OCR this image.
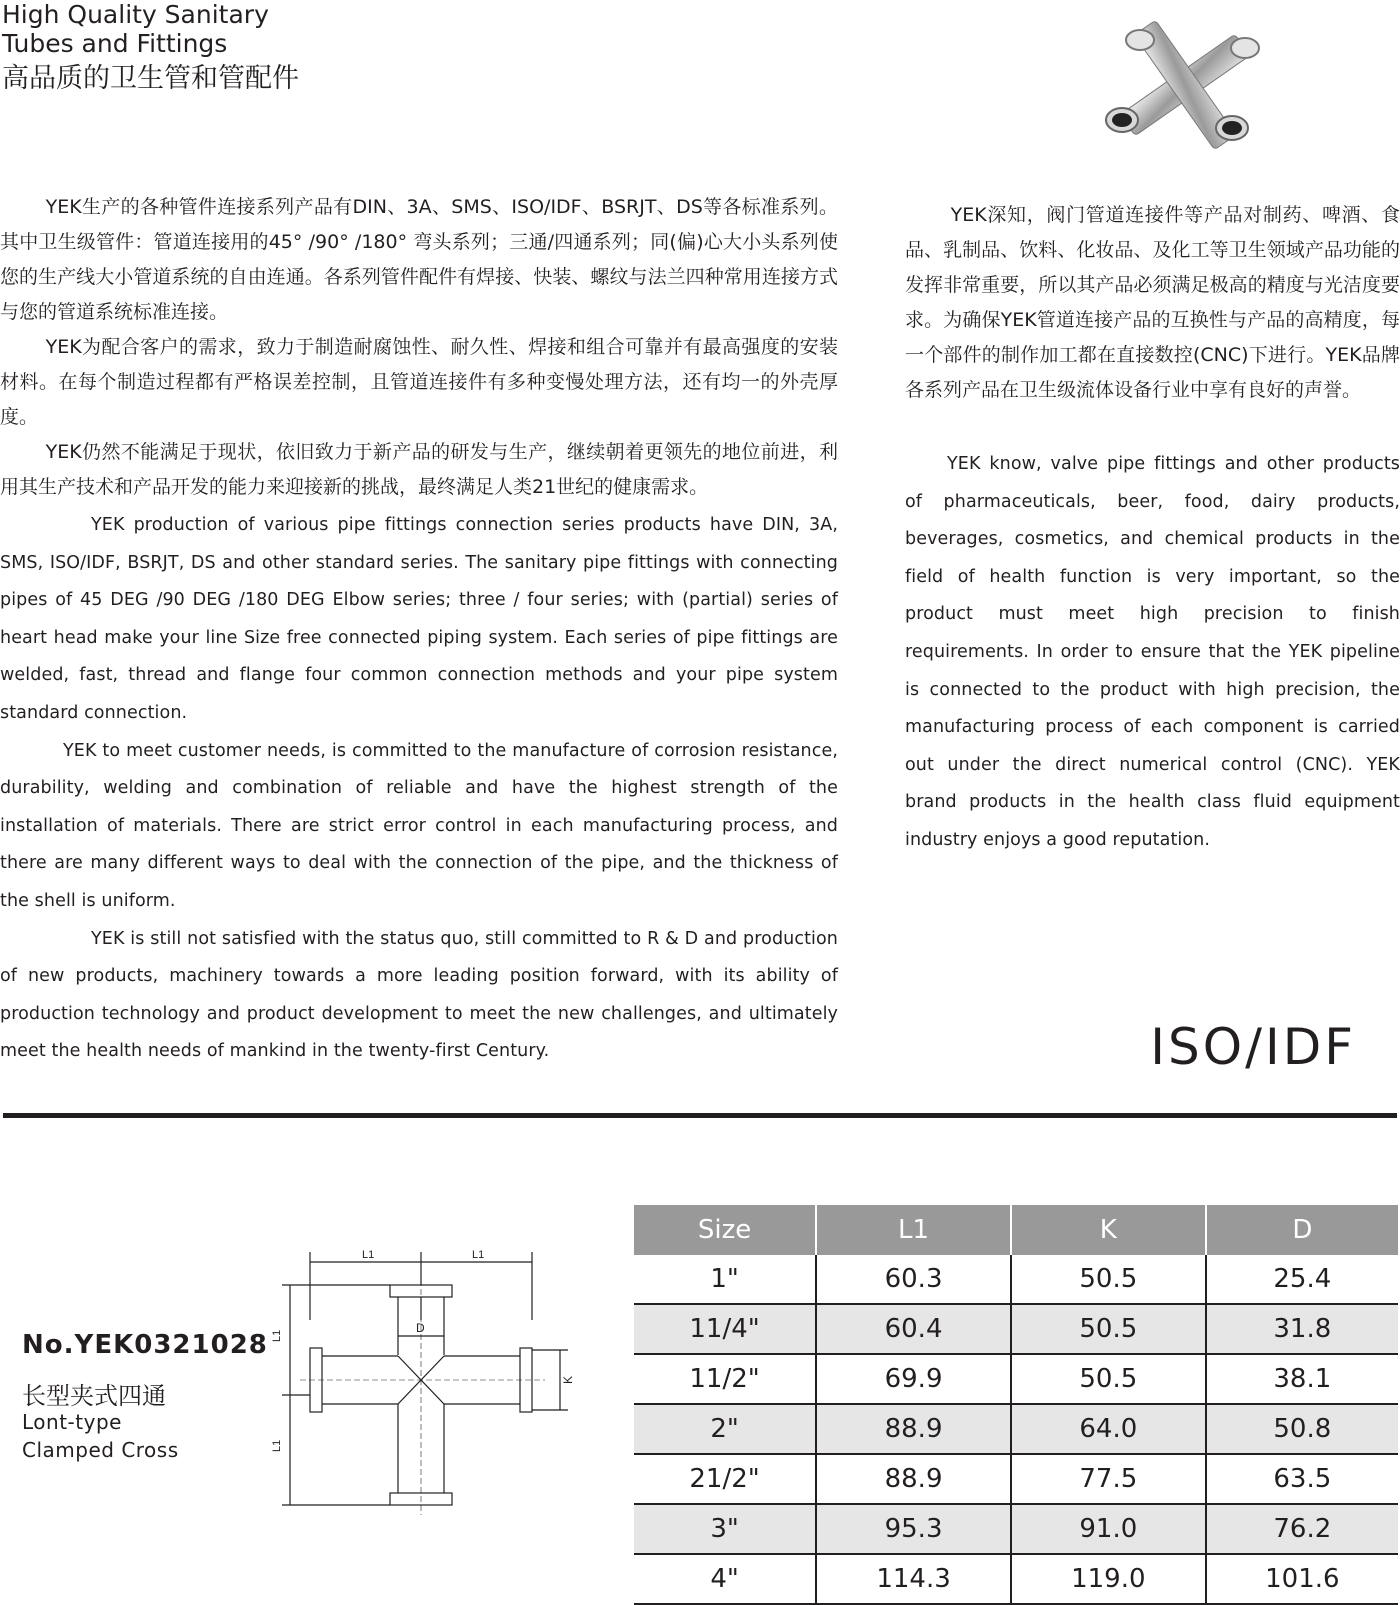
High Quality Sanitary
Tubes and Fittings
高品质的卫生管和管配件

YEK生产的各种管件连接系列产品有DIN、3A、SMS、ISO/IDF、BSRJT、DS等各标准系列。其中卫生级管件：管道连接用的45° /90° /180° 弯头系列；三通/四通系列；同(偏)心大小头系列使您的生产线大小管道系统的自由连通。各系列管件配件有焊接、快装、螺纹与法兰四种常用连接方式与您的管道系统标准连接。

YEK为配合客户的需求，致力于制造耐腐蚀性、耐久性、焊接和组合可靠并有最高强度的安装材料。在每个制造过程都有严格误差控制，且管道连接件有多种变慢处理方法，还有均一的外壳厚度。

YEK仍然不能满足于现状，依旧致力于新产品的研发与生产，继续朝着更领先的地位前进，利用其生产技术和产品开发的能力来迎接新的挑战，最终满足人类21世纪的健康需求。

YEK production of various pipe fittings connection series products have DIN, 3A, SMS, ISO/IDF, BSRJT, DS and other standard series. The sanitary pipe fittings with connecting pipes of 45 DEG /90 DEG /180 DEG Elbow series; three / four series; with (partial) series of heart head make your line Size free connected piping system. Each series of pipe fittings are welded, fast, thread and flange four common connection methods and your pipe system standard connection.

YEK to meet customer needs, is committed to the manufacture of corrosion resistance, durability, welding and combination of reliable and have the highest strength of the installation of materials. There are strict error control in each manufacturing process, and there are many different ways to deal with the connection of the pipe, and the thickness of the shell is uniform.

YEK is still not satisfied with the status quo, still committed to R & D and production of new products, machinery towards a more leading position forward, with its ability of production technology and product development to meet the new challenges, and ultimately meet the health needs of mankind in the twenty-first Century.

YEK深知，阀门管道连接件等产品对制药、啤酒、食品、乳制品、饮料、化妆品、及化工等卫生领域产品功能的发挥非常重要，所以其产品必须满足极高的精度与光洁度要求。为确保YEK管道连接产品的互换性与产品的高精度，每一个部件的制作加工都在直接数控(CNC)下进行。YEK品牌各系列产品在卫生级流体设备行业中享有良好的声誉。

YEK know, valve pipe fittings and other products of pharmaceuticals, beer, food, dairy products, beverages, cosmetics, and chemical products in the field of health function is very important, so the product must meet high precision to finish requirements. In order to ensure that the YEK pipeline is connected to the product with high precision, the manufacturing process of each component is carried out under the direct numerical control (CNC). YEK brand products in the health class fluid equipment industry enjoys a good reputation.

ISO/IDF
No.YEK0321028
长型夹式四通
Lont-type
Clamped Cross
L1	L1
L1
L1
D
K
Size	L1	K	D
1"	60.3	50.5	25.4
11/4"	60.4	50.5	31.8
11/2"	69.9	50.5	38.1
2"	88.9	64.0	50.8
21/2"	88.9	77.5	63.5
3"	95.3	91.0	76.2
4"	114.3	119.0	101.6
